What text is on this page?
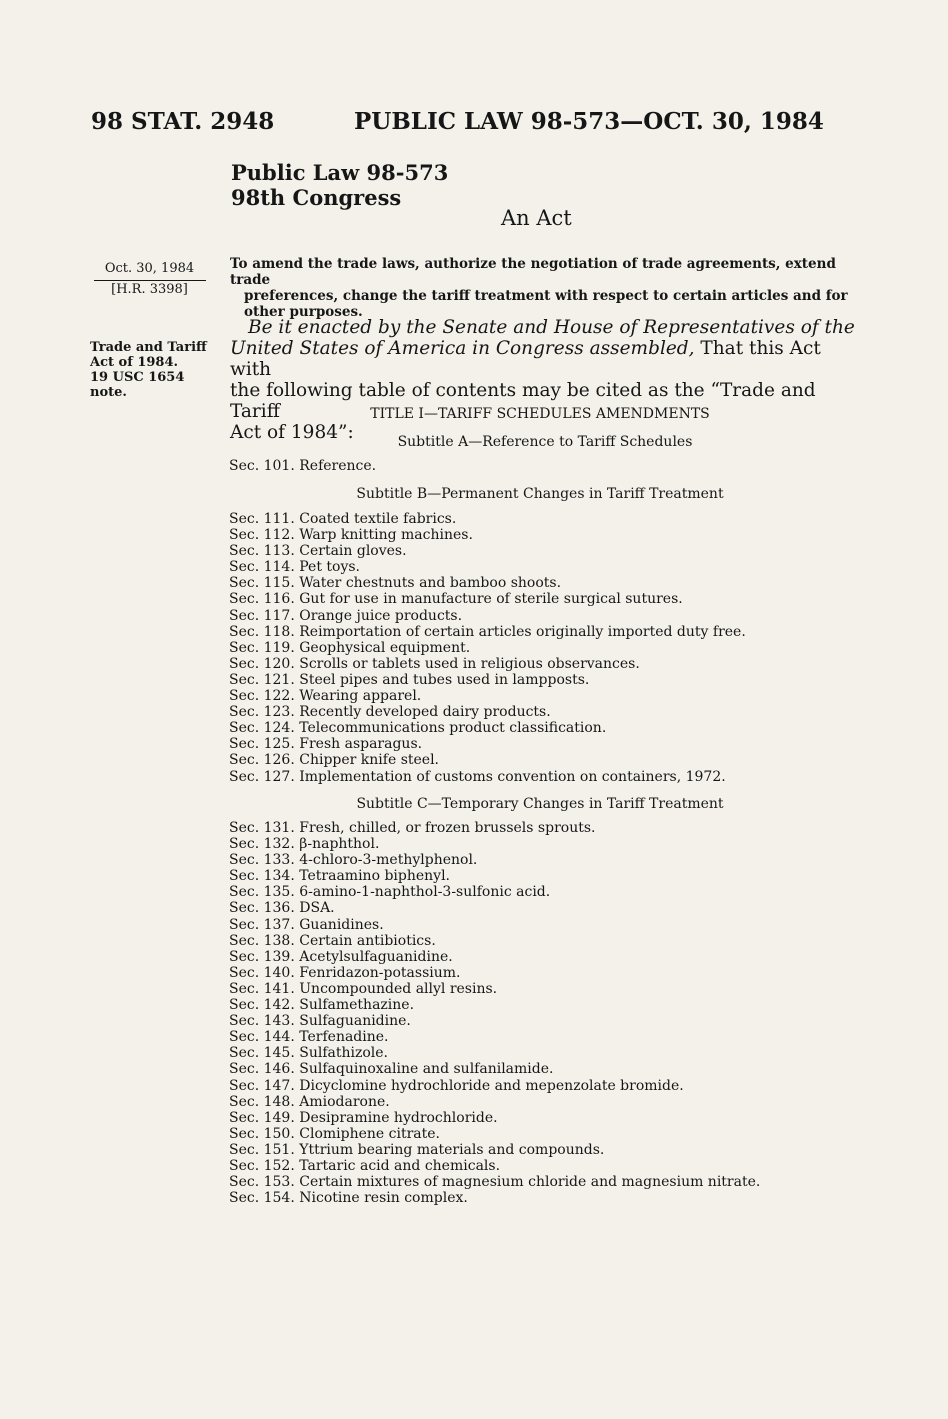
98 STAT. 2948	PUBLIC LAW 98-573—OCT. 30, 1984
Public Law 98-573
98th Congress
An Act
Oct. 30, 1984
[H.R. 3398]
To amend the trade laws, authorize the negotiation of trade agreements, extend trade
preferences, change the tariff treatment with respect to certain articles and for
other purposes.
Trade and Tariff
Act of 1984.
19 USC 1654
note.
Be it enacted by the Senate and House of Representatives of the
United States of America in Congress assembled, That this Act with
the following table of contents may be cited as the “Trade and Tariff
Act of 1984”:
TITLE I—TARIFF SCHEDULES AMENDMENTS
Subtitle A—Reference to Tariff Schedules
Sec. 101. Reference.
Subtitle B—Permanent Changes in Tariff Treatment
Sec. 111. Coated textile fabrics.
Sec. 112. Warp knitting machines.
Sec. 113. Certain gloves.
Sec. 114. Pet toys.
Sec. 115. Water chestnuts and bamboo shoots.
Sec. 116. Gut for use in manufacture of sterile surgical sutures.
Sec. 117. Orange juice products.
Sec. 118. Reimportation of certain articles originally imported duty free.
Sec. 119. Geophysical equipment.
Sec. 120. Scrolls or tablets used in religious observances.
Sec. 121. Steel pipes and tubes used in lampposts.
Sec. 122. Wearing apparel.
Sec. 123. Recently developed dairy products.
Sec. 124. Telecommunications product classification.
Sec. 125. Fresh asparagus.
Sec. 126. Chipper knife steel.
Sec. 127. Implementation of customs convention on containers, 1972.
Subtitle C—Temporary Changes in Tariff Treatment
Sec. 131. Fresh, chilled, or frozen brussels sprouts.
Sec. 132. β-naphthol.
Sec. 133. 4-chloro-3-methylphenol.
Sec. 134. Tetraamino biphenyl.
Sec. 135. 6-amino-1-naphthol-3-sulfonic acid.
Sec. 136. DSA.
Sec. 137. Guanidines.
Sec. 138. Certain antibiotics.
Sec. 139. Acetylsulfaguanidine.
Sec. 140. Fenridazon-potassium.
Sec. 141. Uncompounded allyl resins.
Sec. 142. Sulfamethazine.
Sec. 143. Sulfaguanidine.
Sec. 144. Terfenadine.
Sec. 145. Sulfathizole.
Sec. 146. Sulfaquinoxaline and sulfanilamide.
Sec. 147. Dicyclomine hydrochloride and mepenzolate bromide.
Sec. 148. Amiodarone.
Sec. 149. Desipramine hydrochloride.
Sec. 150. Clomiphene citrate.
Sec. 151. Yttrium bearing materials and compounds.
Sec. 152. Tartaric acid and chemicals.
Sec. 153. Certain mixtures of magnesium chloride and magnesium nitrate.
Sec. 154. Nicotine resin complex.
